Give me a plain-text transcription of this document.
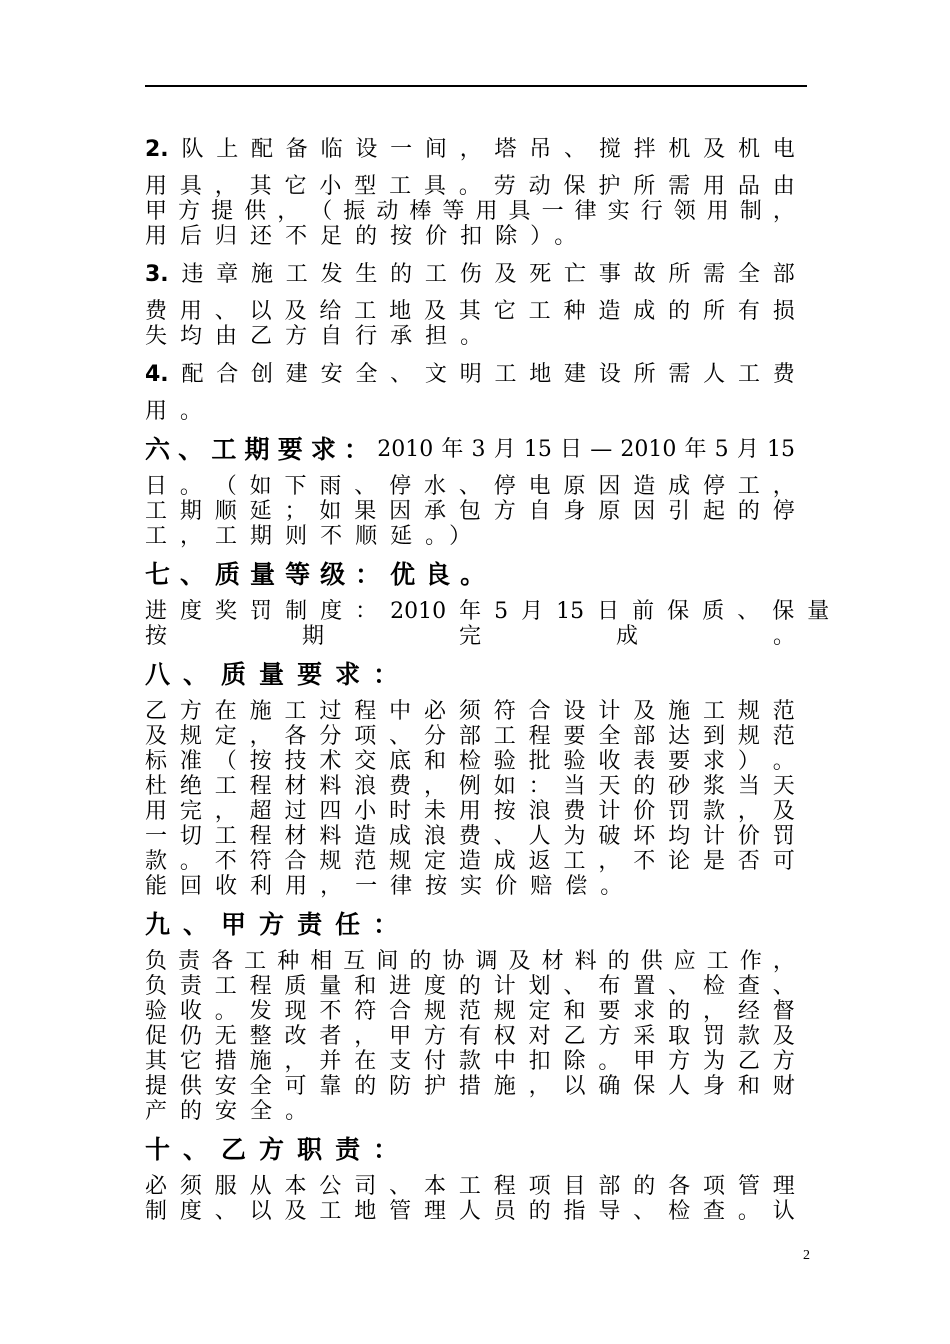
2. 队 上 配 备 临 设 一 间 ， 塔 吊 、 搅 拌 机 及 机 电
用 具 ， 其 它 小 型 工 具 。 劳 动 保 护 所 需 用 品 由
甲 方 提 供 ， （ 振 动 棒 等 用 具 一 律 实 行 领 用 制 ，
用 后 归 还 不 足 的 按 价 扣 除 ） 。
3. 违 章 施 工 发 生 的 工 伤 及 死 亡 事 故 所 需 全 部
费 用 、 以 及 给 工 地 及 其 它 工 种 造 成 的 所 有 损
失 均 由 乙 方 自 行 承 担 。
4. 配 合 创 建 安 全 、 文 明 工 地 建 设 所 需 人 工 费
用 。
六 、 工 期 要 求 ： 2010 年 3 月 15 日 — 2010 年 5 月 15
日 。 （ 如 下 雨 、 停 水 、 停 电 原 因 造 成 停 工 ，
工 期 顺 延 ； 如 果 因 承 包 方 自 身 原 因 引 起 的 停
工 ， 工 期 则 不 顺 延 。 ）
七 、 质 量 等 级 ： 优 良 。
进 度 奖 罚 制 度 ： 2010 年 5 月 15 日 前 保 质 、 保 量
按	期	完	成	。
八 、 质 量 要 求 ：
乙 方 在 施 工 过 程 中 必 须 符 合 设 计 及 施 工 规 范
及 规 定 ， 各 分 项 、 分 部 工 程 要 全 部 达 到 规 范
标 准 （ 按 技 术 交 底 和 检 验 批 验 收 表 要 求 ） 。
杜 绝 工 程 材 料 浪 费 ， 例 如 ： 当 天 的 砂 浆 当 天
用 完 ， 超 过 四 小 时 未 用 按 浪 费 计 价 罚 款 ， 及
一 切 工 程 材 料 造 成 浪 费 、 人 为 破 坏 均 计 价 罚
款 。 不 符 合 规 范 规 定 造 成 返 工 ， 不 论 是 否 可
能 回 收 利 用 ， 一 律 按 实 价 赔 偿 。
九 、 甲 方 责 任 ：
负 责 各 工 种 相 互 间 的 协 调 及 材 料 的 供 应 工 作 ，
负 责 工 程 质 量 和 进 度 的 计 划 、 布 置 、 检 查 、
验 收 。 发 现 不 符 合 规 范 规 定 和 要 求 的 ， 经 督
促 仍 无 整 改 者 ， 甲 方 有 权 对 乙 方 采 取 罚 款 及
其 它 措 施 ， 并 在 支 付 款 中 扣 除 。 甲 方 为 乙 方
提 供 安 全 可 靠 的 防 护 措 施 ， 以 确 保 人 身 和 财
产 的 安 全 。
十 、 乙 方 职 责 ：
必 须 服 从 本 公 司 、 本 工 程 项 目 部 的 各 项 管 理
制 度 、 以 及 工 地 管 理 人 员 的 指 导 、 检 查 。 认
2
